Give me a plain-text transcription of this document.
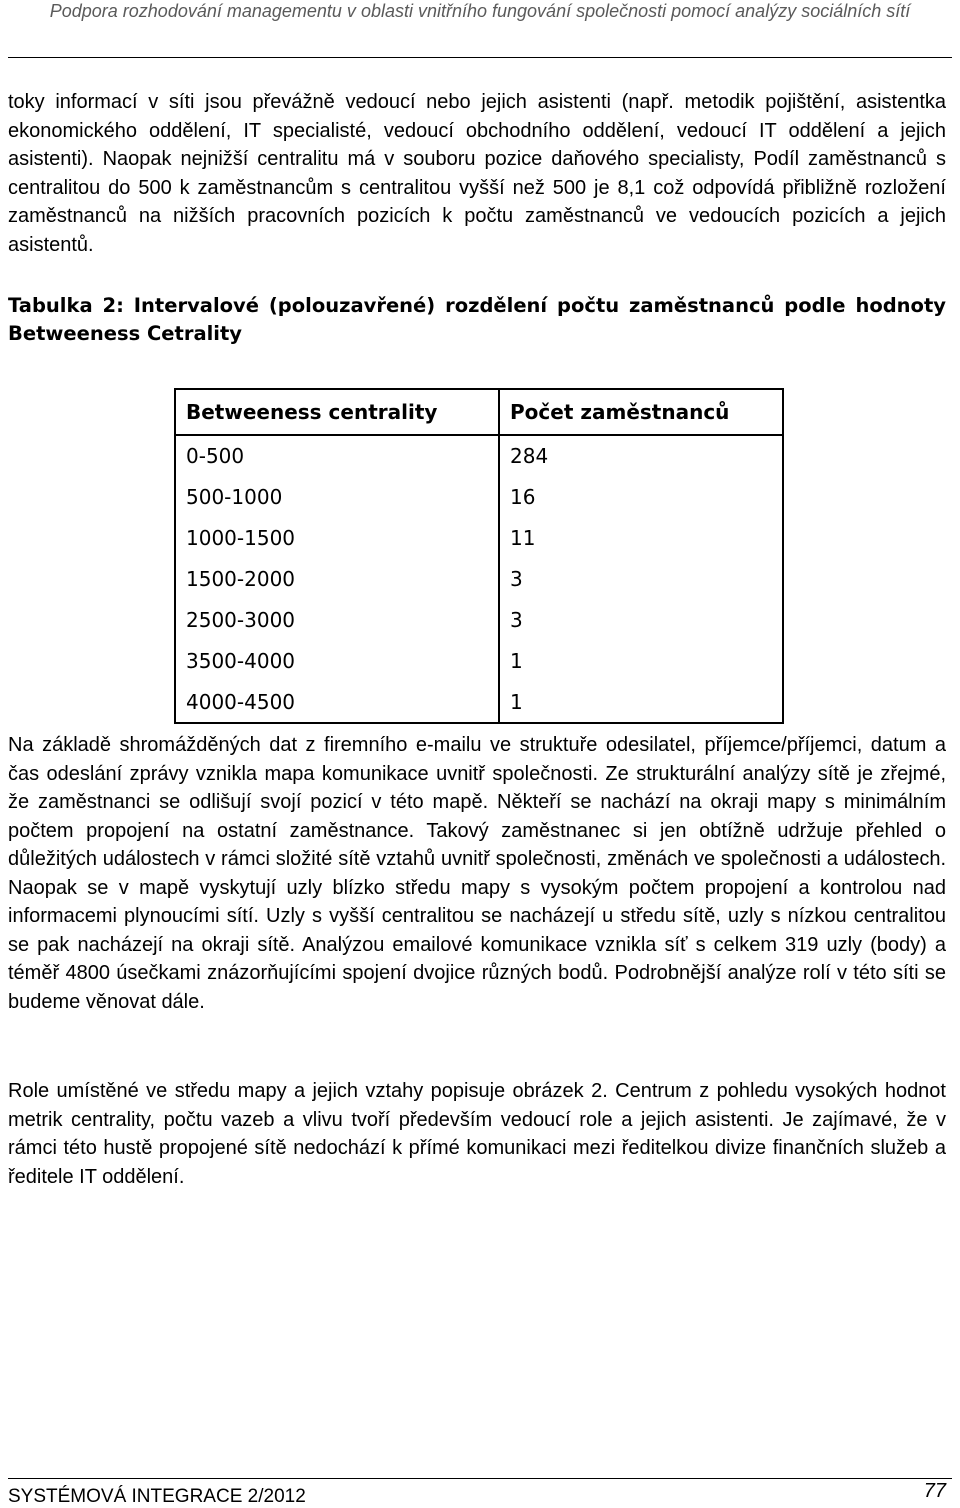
Podpora rozhodování managementu v oblasti vnitřního fungování společnosti pomocí analýzy sociálních sítí
toky informací v síti jsou převážně vedoucí nebo jejich asistenti (např. metodik pojištění, asistentka ekonomického oddělení, IT specialisté, vedoucí obchodního oddělení, vedoucí IT oddělení a jejich asistenti). Naopak nejnižší centralitu má v souboru pozice daňového specialisty, Podíl zaměstnanců s centralitou do 500 k zaměstnancům s centralitou vyšší než 500 je 8,1 což odpovídá přibližně rozložení zaměstnanců na nižších pracovních pozicích k počtu zaměstnanců ve vedoucích pozicích a jejich asistentů.
Tabulka 2: Intervalové (polouzavřené) rozdělení počtu zaměstnanců podle hodnoty Betweeness Cetrality
Betweeness centrality	Počet zaměstnanců
0-500	284
500-1000	16
1000-1500	11
1500-2000	3
2500-3000	3
3500-4000	1
4000-4500	1
Na základě shromážděných dat z firemního e-mailu ve struktuře odesilatel, příjemce/příjemci, datum a čas odeslání zprávy vznikla mapa komunikace uvnitř společnosti. Ze strukturální analýzy sítě je zřejmé, že zaměstnanci se odlišují svojí pozicí v této mapě. Někteří se nachází na okraji mapy s minimálním počtem propojení na ostatní zaměstnance. Takový zaměstnanec si jen obtížně udržuje přehled o důležitých událostech v rámci složité sítě vztahů uvnitř společnosti, změnách ve společnosti a událostech. Naopak se v mapě vyskytují uzly blízko středu mapy s vysokým počtem propojení a kontrolou nad informacemi plynoucími sítí. Uzly s vyšší centralitou se nacházejí u středu sítě, uzly s nízkou centralitou se pak nacházejí na okraji sítě. Analýzou emailové komunikace vznikla síť s celkem 319 uzly (body) a téměř 4800 úsečkami znázorňujícími spojení dvojice různých bodů. Podrobnější analýze rolí v této síti se budeme věnovat dále.
Role umístěné ve středu mapy a jejich vztahy popisuje obrázek 2. Centrum z pohledu vysokých hodnot metrik centrality, počtu vazeb a vlivu tvoří především vedoucí role a jejich asistenti. Je zajímavé, že v rámci této hustě propojené sítě nedochází k přímé komunikaci mezi ředitelkou divize finančních služeb a ředitele IT oddělení.
SYSTÉMOVÁ INTEGRACE 2/2012	77
